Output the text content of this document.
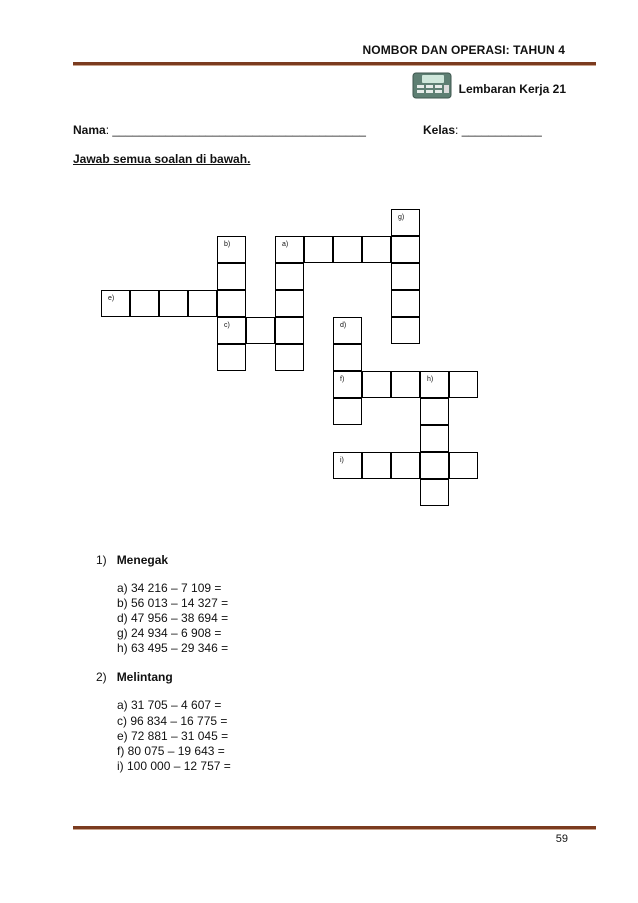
NOMBOR DAN OPERASI: TAHUN 4
Lembaran Kerja 21
Nama: ______________________________________	Kelas: ____________
Jawab semua soalan di bawah.
g)
b)	a)
e)
c)	d)
f)	h)
i)
1) Menegak
a) 34 216 – 7 109 =
b) 56 013 – 14 327 =
d) 47 956 – 38 694 =
g) 24 934 – 6 908 =
h) 63 495 – 29 346 =
2) Melintang
a) 31 705 – 4 607 =
c) 96 834 – 16 775 =
e) 72 881 – 31 045 =
f) 80 075 – 19 643 =
i) 100 000 – 12 757 =
59
